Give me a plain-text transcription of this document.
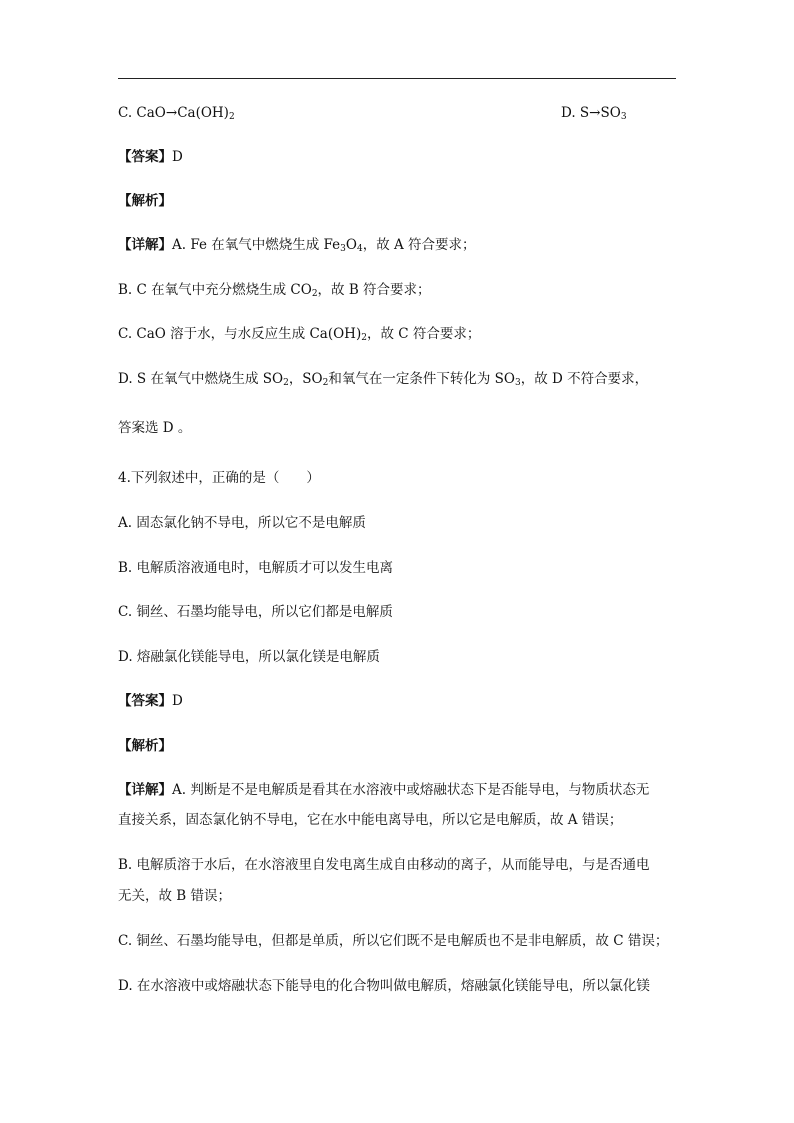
C. $CaO\to Ca(OH)_2$	D. $S\to SO_3$
【答案】D
【解析】
【详解】A. Fe 在氧气中燃烧生成 $Fe_3O_4$，故 A 符合要求；
B. C 在氧气中充分燃烧生成 $CO_2$，故 B 符合要求；
C. CaO 溶于水，与水反应生成 $Ca(OH)_2$，故 C 符合要求；
D. S 在氧气中燃烧生成 $SO_2$，$SO_2$和氧气在一定条件下转化为 $SO_3$，故 D 不符合要求，
答案选 D 。
4.下列叙述中，正确的是（　　）
A. 固态氯化钠不导电，所以它不是电解质
B. 电解质溶液通电时，电解质才可以发生电离
C. 铜丝、石墨均能导电，所以它们都是电解质
D. 熔融氯化镁能导电，所以氯化镁是电解质
【答案】D
【解析】
【详解】A. 判断是不是电解质是看其在水溶液中或熔融状态下是否能导电，与物质状态无
直接关系，固态氯化钠不导电，它在水中能电离导电，所以它是电解质，故 A 错误；
B. 电解质溶于水后，在水溶液里自发电离生成自由移动的离子，从而能导电，与是否通电
无关，故 B 错误；
C. 铜丝、石墨均能导电，但都是单质，所以它们既不是电解质也不是非电解质，故 C 错误；
D. 在水溶液中或熔融状态下能导电的化合物叫做电解质，熔融氯化镁能导电，所以氯化镁
